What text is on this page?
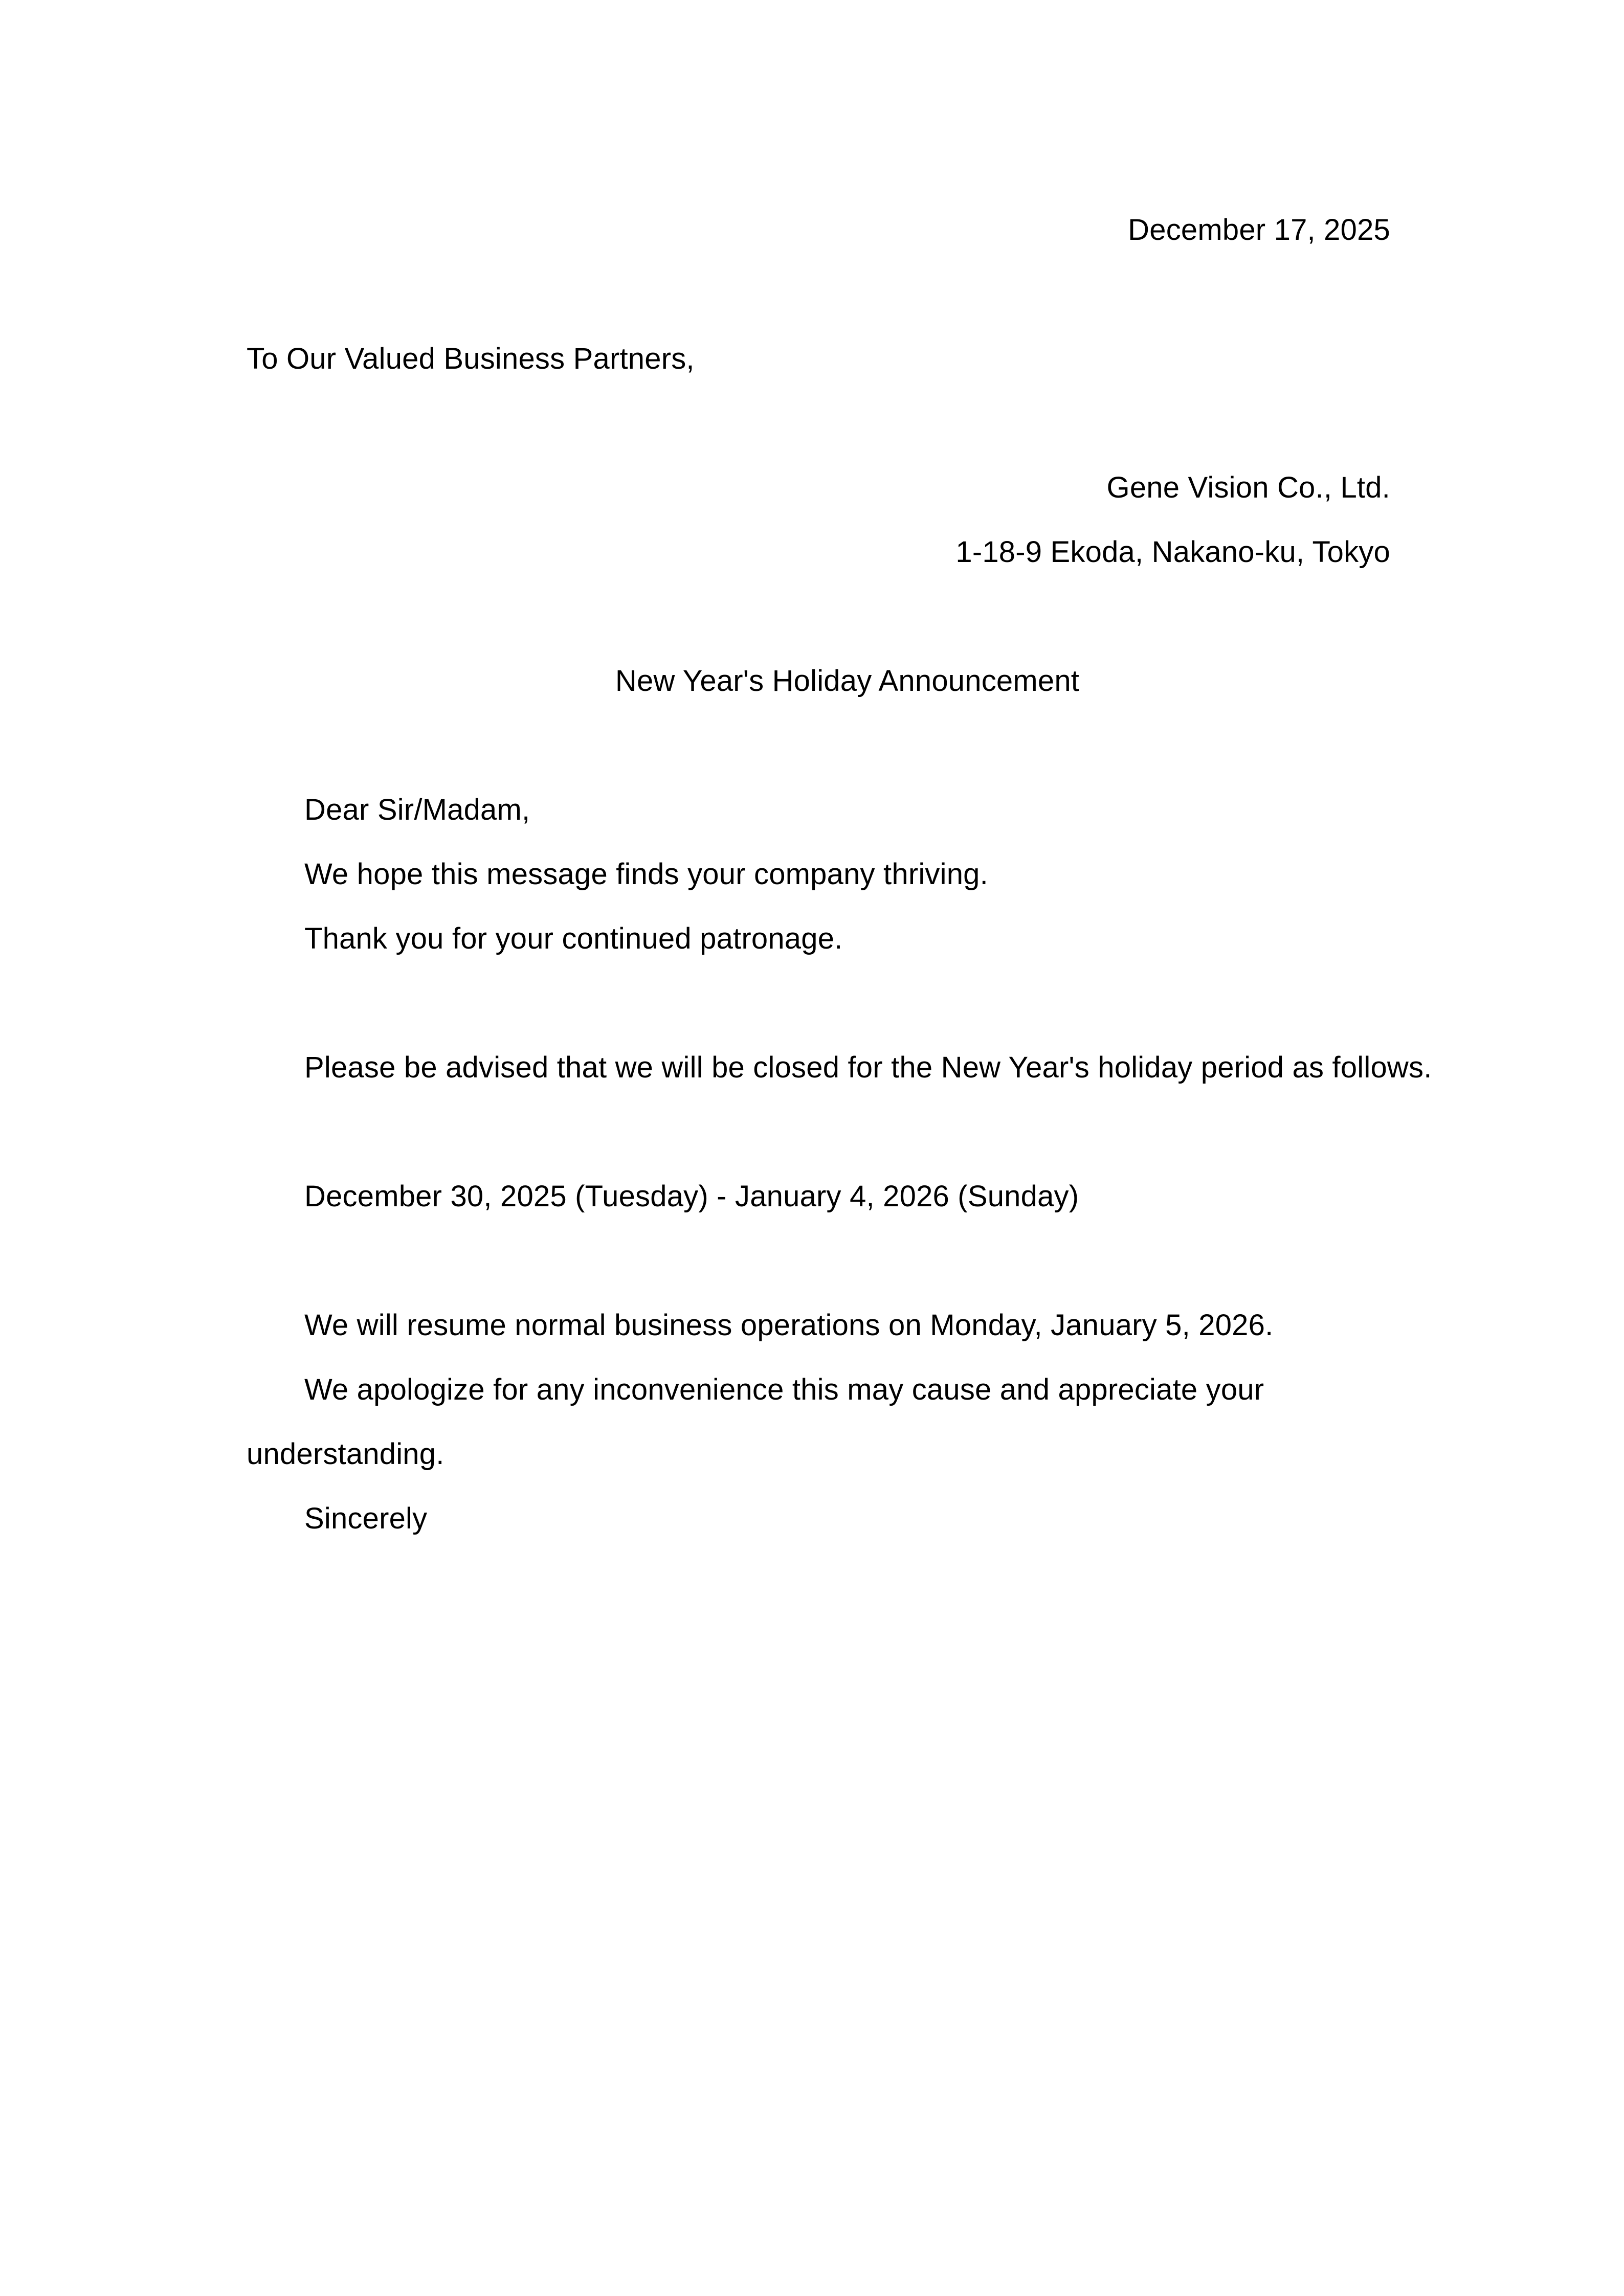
December 17, 2025
To Our Valued Business Partners,
Gene Vision Co., Ltd.
1-18-9 Ekoda, Nakano-ku, Tokyo
New Year's Holiday Announcement
Dear Sir/Madam,
We hope this message finds your company thriving.
Thank you for your continued patronage.
Please be advised that we will be closed for the New Year's holiday period as follows.
December 30, 2025 (Tuesday) - January 4, 2026 (Sunday)
We will resume normal business operations on Monday, January 5, 2026.
We apologize for any inconvenience this may cause and appreciate your
understanding.
Sincerely
